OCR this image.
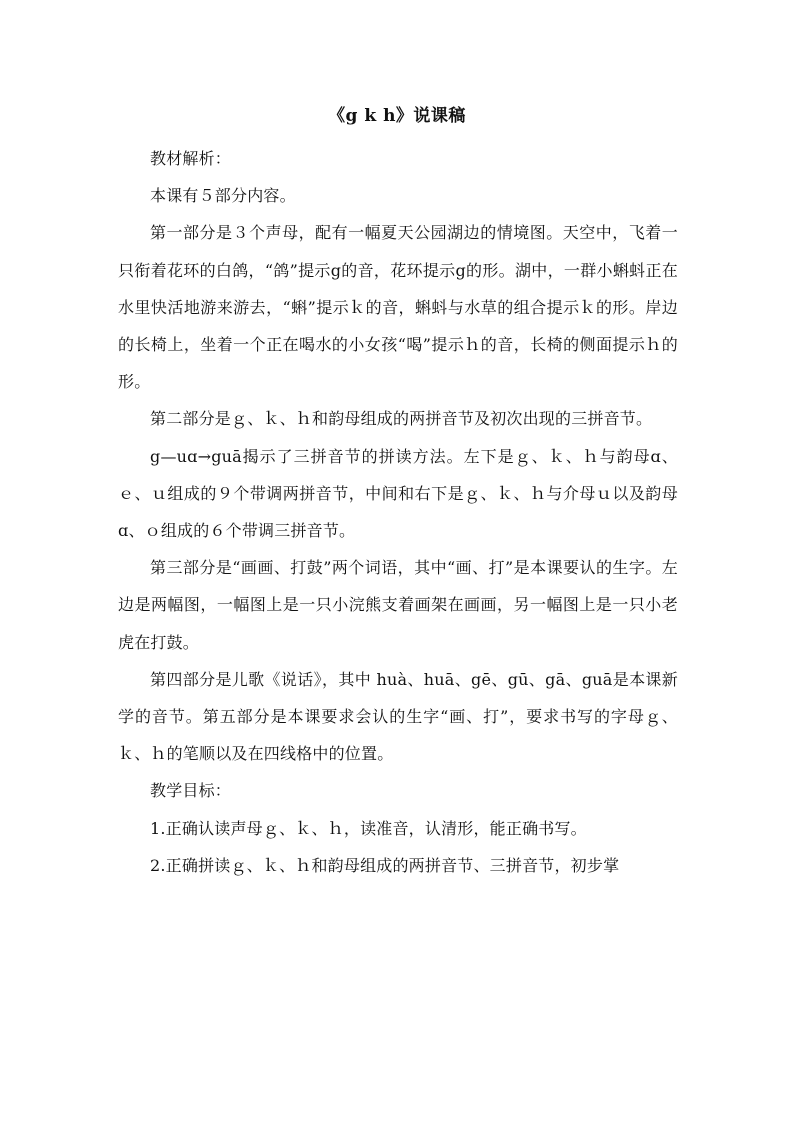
《g k h》说课稿

教材解析：

本课有５部分内容。

第一部分是３个声母，配有一幅夏天公园湖边的情境图。天空中，飞着一只衔着花环的白鸽，“鸽”提示g的音，花环提示g的形。湖中，一群小蝌蚪正在水里快活地游来游去，“蝌”提示ｋ的音，蝌蚪与水草的组合提示ｋ的形。岸边的长椅上，坐着一个正在喝水的小女孩“喝”提示ｈ的音，长椅的侧面提示ｈ的形。

第二部分是ｇ、ｋ、ｈ和韵母组成的两拼音节及初次出现的三拼音节。

g—uɑ→guā揭示了三拼音节的拼读方法。左下是ｇ、ｋ、ｈ与韵母ɑ、ｅ、ｕ组成的９个带调两拼音节，中间和右下是ｇ、ｋ、ｈ与介母ｕ以及韵母ɑ、ｏ组成的６个带调三拼音节。

第三部分是“画画、打鼓”两个词语，其中“画、打”是本课要认的生字。左边是两幅图，一幅图上是一只小浣熊支着画架在画画，另一幅图上是一只小老虎在打鼓。

第四部分是儿歌《说话》，其中 huà、huā、gē、gū、gā、guā是本课新学的音节。第五部分是本课要求会认的生字“画、打”，要求书写的字母ｇ、ｋ、ｈ的笔顺以及在四线格中的位置。

教学目标：

1.正确认读声母ｇ、ｋ、ｈ，读准音，认清形，能正确书写。

2.正确拼读ｇ、ｋ、ｈ和韵母组成的两拼音节、三拼音节，初步掌
